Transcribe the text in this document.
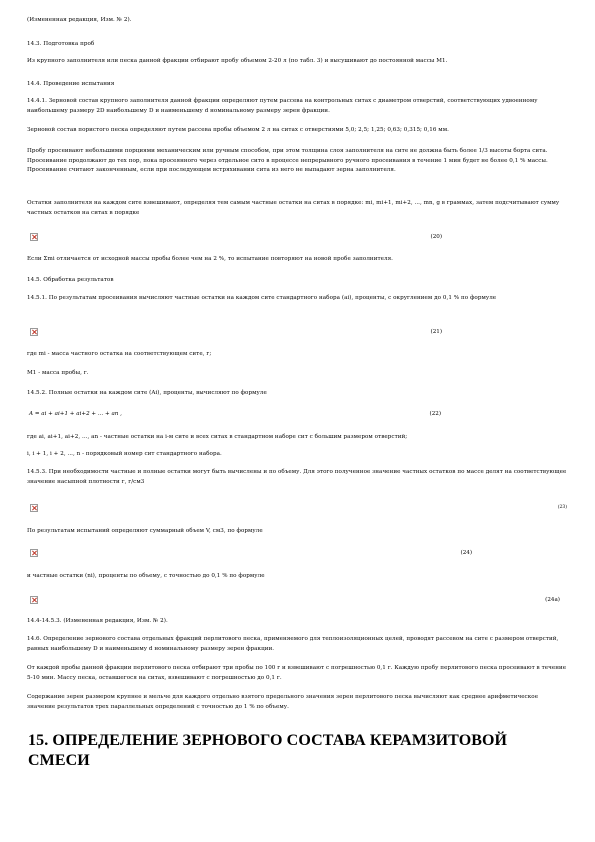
(Измененная редакция, Изм. № 2).
14.3. Подготовка проб
Из крупного заполнителя или песка данной фракции отбирают пробу объемом 2-20 л (по табл. 3) и высушивают до постоянной массы М1.
14.4. Проведение испытания
14.4.1. Зерновой состав крупного заполнителя данной фракции определяют путем рассева на контрольных ситах с диаметром отверстий, соответствующих удвоенному наибольшему размеру 2D наибольшему D и наименьшему d номинальному размеру зерен фракции.
Зерновой состав пористого песка определяют путем рассева пробы объемом 2 л на ситах с отверстиями 5,0; 2,5; 1,25; 0,63; 0,315; 0,16 мм.
Пробу просеивают небольшими порциями механическим или ручным способом, при этом толщина слоя заполнителя на сите не должна быть более 1/3 высоты борта сита. Просеивание продолжают до тех пор, пока просеянного через отдельное сито в процессе непрерывного ручного просеивания в течение 1 мин будет не более 0,1 % массы. Просеивание считают законченным, если при последующем встряхивании сита из него не выпадают зерна заполнителя.
Остатки заполнителя на каждом сите взвешивают, определяя тем самым частные остатки на ситах в порядке: mi, mi+1, mi+2, ..., mn, g в граммах, затем подсчитывают сумму частных остатков на ситах в порядке
(20)
Если Σmi отличается от исходной массы пробы более чем на 2 %, то испытание повторяют на новой пробе заполнителя.
14.5. Обработка результатов
14.5.1. По результатам просеивания вычисляют частные остатки на каждом сите стандартного набора (ai), проценты, с округлением до 0,1 % по формуле
(21)
где mi - масса частного остатка на соответствующем сите, г;
М1 - масса пробы, г.
14.5.2. Полные остатки на каждом сите (Ai), проценты, вычисляют по формуле
A = ai + ai+1 + ai+2 + ... + an ,	(22)
где ai, ai+1, ai+2, ..., an - частные остатки на i-м сите и всех ситах в стандартном наборе сит с большим размером отверстий;
i, i + 1, i + 2, ..., n - порядковый номер сит стандартного набора.
14.5.3. При необходимости частные и полные остатки могут быть вычислены и по объему. Для этого полученное значение частных остатков по массе делят на соответствующее значение насыпной плотности г, г/см3
(23)
По результатам испытаний определяют суммарный объем V, см3, по формуле
(24)
и частные остатки (ni), проценты по объему, с точностью до 0,1 % по формуле
(24а)
14.4-14.5.3. (Измененная редакция, Изм. № 2).
14.6. Определение зернового состава отдельных фракций перлитового песка, применяемого для теплоизоляционных целей, проводят рассевом на сите с размером отверстий, равных наибольшему D и наименьшему d номинальному размеру зерен фракции.
От каждой пробы данной фракции перлитового песка отбирают три пробы по 100 г и взвешивают с погрешностью 0,1 г. Каждую пробу перлитового песка просеивают в течение 5-10 мин. Массу песка, оставшегося на ситах, взвешивают с погрешностью до 0,1 г.
Содержание зерен размером крупнее и мельче для каждого отдельно взятого предельного значения зерен перлитового песка вычисляют как среднее арифметическое значение результатов трех параллельных определений с точностью до 1 % по объему.
15. ОПРЕДЕЛЕНИЕ ЗЕРНОВОГО СОСТАВА КЕРАМЗИТОВОЙ СМЕСИ
